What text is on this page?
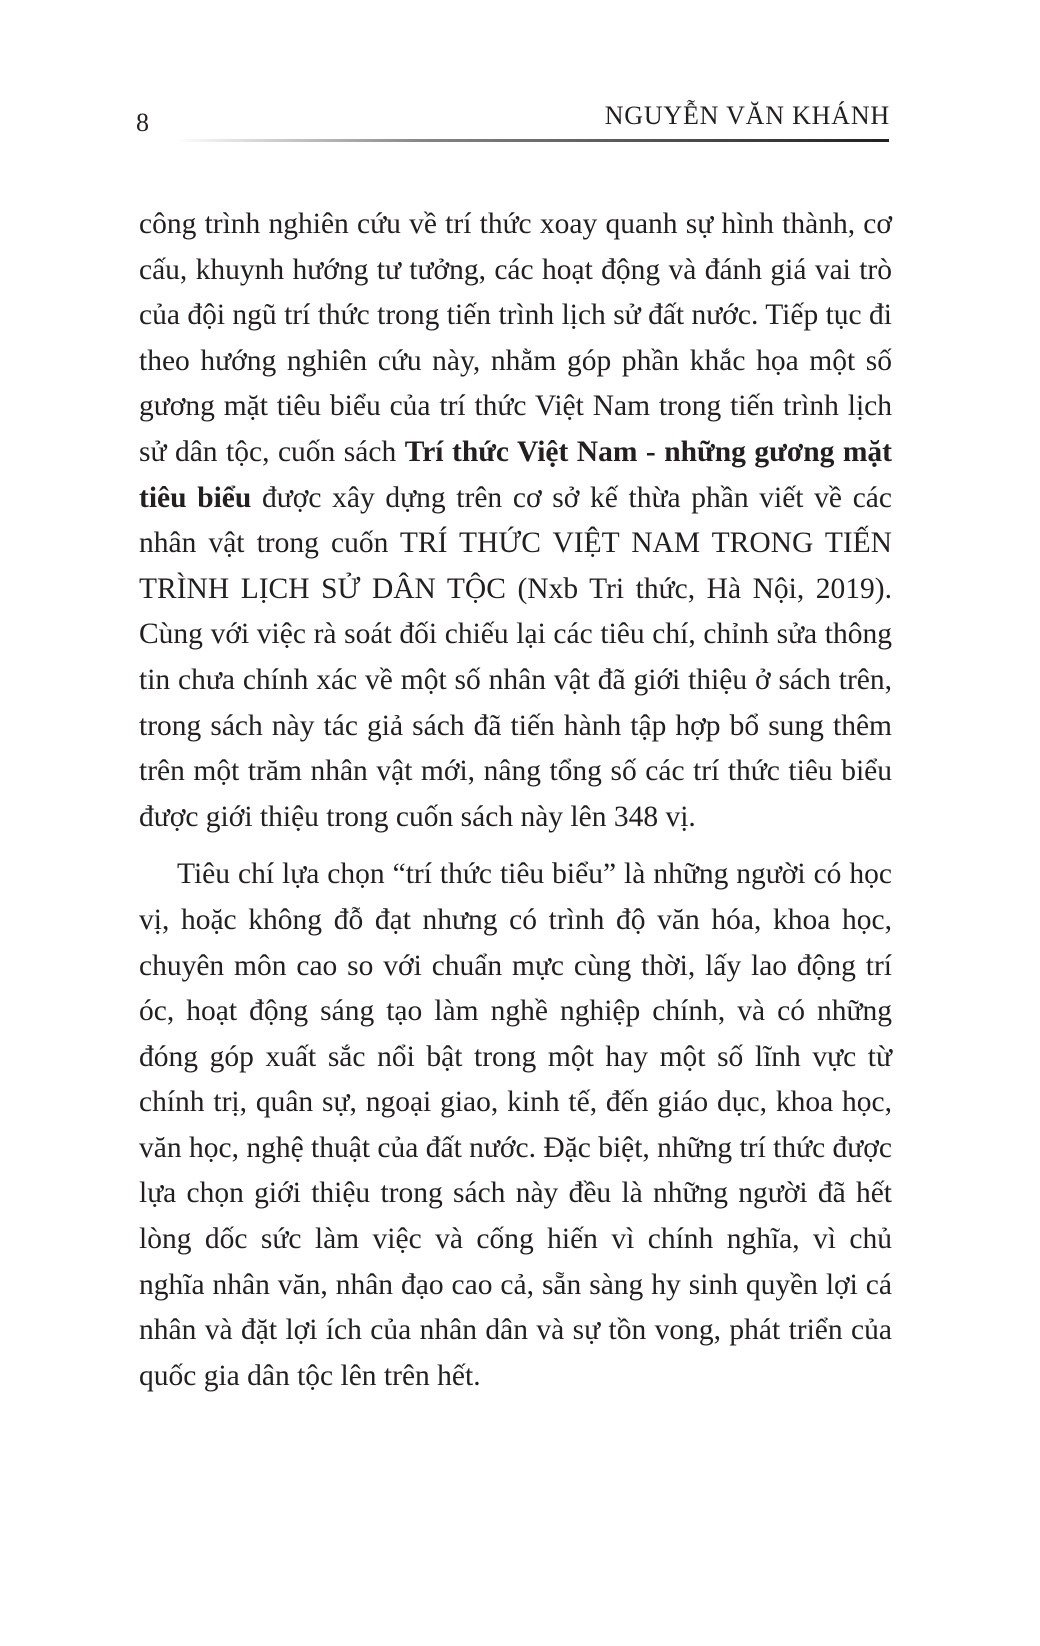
8	NGUYỄN VĂN KHÁNH

công trình nghiên cứu về trí thức xoay quanh sự hình thành, cơ cấu, khuynh hướng tư tưởng, các hoạt động và đánh giá vai trò của đội ngũ trí thức trong tiến trình lịch sử đất nước. Tiếp tục đi theo hướng nghiên cứu này, nhằm góp phần khắc họa một số gương mặt tiêu biểu của trí thức Việt Nam trong tiến trình lịch sử dân tộc, cuốn sách Trí thức Việt Nam - những gương mặt tiêu biểu được xây dựng trên cơ sở kế thừa phần viết về các nhân vật trong cuốn TRÍ THỨC VIỆT NAM TRONG TIẾN TRÌNH LỊCH SỬ DÂN TỘC (Nxb Tri thức, Hà Nội, 2019). Cùng với việc rà soát đối chiếu lại các tiêu chí, chỉnh sửa thông tin chưa chính xác về một số nhân vật đã giới thiệu ở sách trên, trong sách này tác giả sách đã tiến hành tập hợp bổ sung thêm trên một trăm nhân vật mới, nâng tổng số các trí thức tiêu biểu được giới thiệu trong cuốn sách này lên 348 vị.

Tiêu chí lựa chọn “trí thức tiêu biểu” là những người có học vị, hoặc không đỗ đạt nhưng có trình độ văn hóa, khoa học, chuyên môn cao so với chuẩn mực cùng thời, lấy lao động trí óc, hoạt động sáng tạo làm nghề nghiệp chính, và có những đóng góp xuất sắc nổi bật trong một hay một số lĩnh vực từ chính trị, quân sự, ngoại giao, kinh tế, đến giáo dục, khoa học, văn học, nghệ thuật của đất nước. Đặc biệt, những trí thức được lựa chọn giới thiệu trong sách này đều là những người đã hết lòng dốc sức làm việc và cống hiến vì chính nghĩa, vì chủ nghĩa nhân văn, nhân đạo cao cả, sẵn sàng hy sinh quyền lợi cá nhân và đặt lợi ích của nhân dân và sự tồn vong, phát triển của quốc gia dân tộc lên trên hết.
